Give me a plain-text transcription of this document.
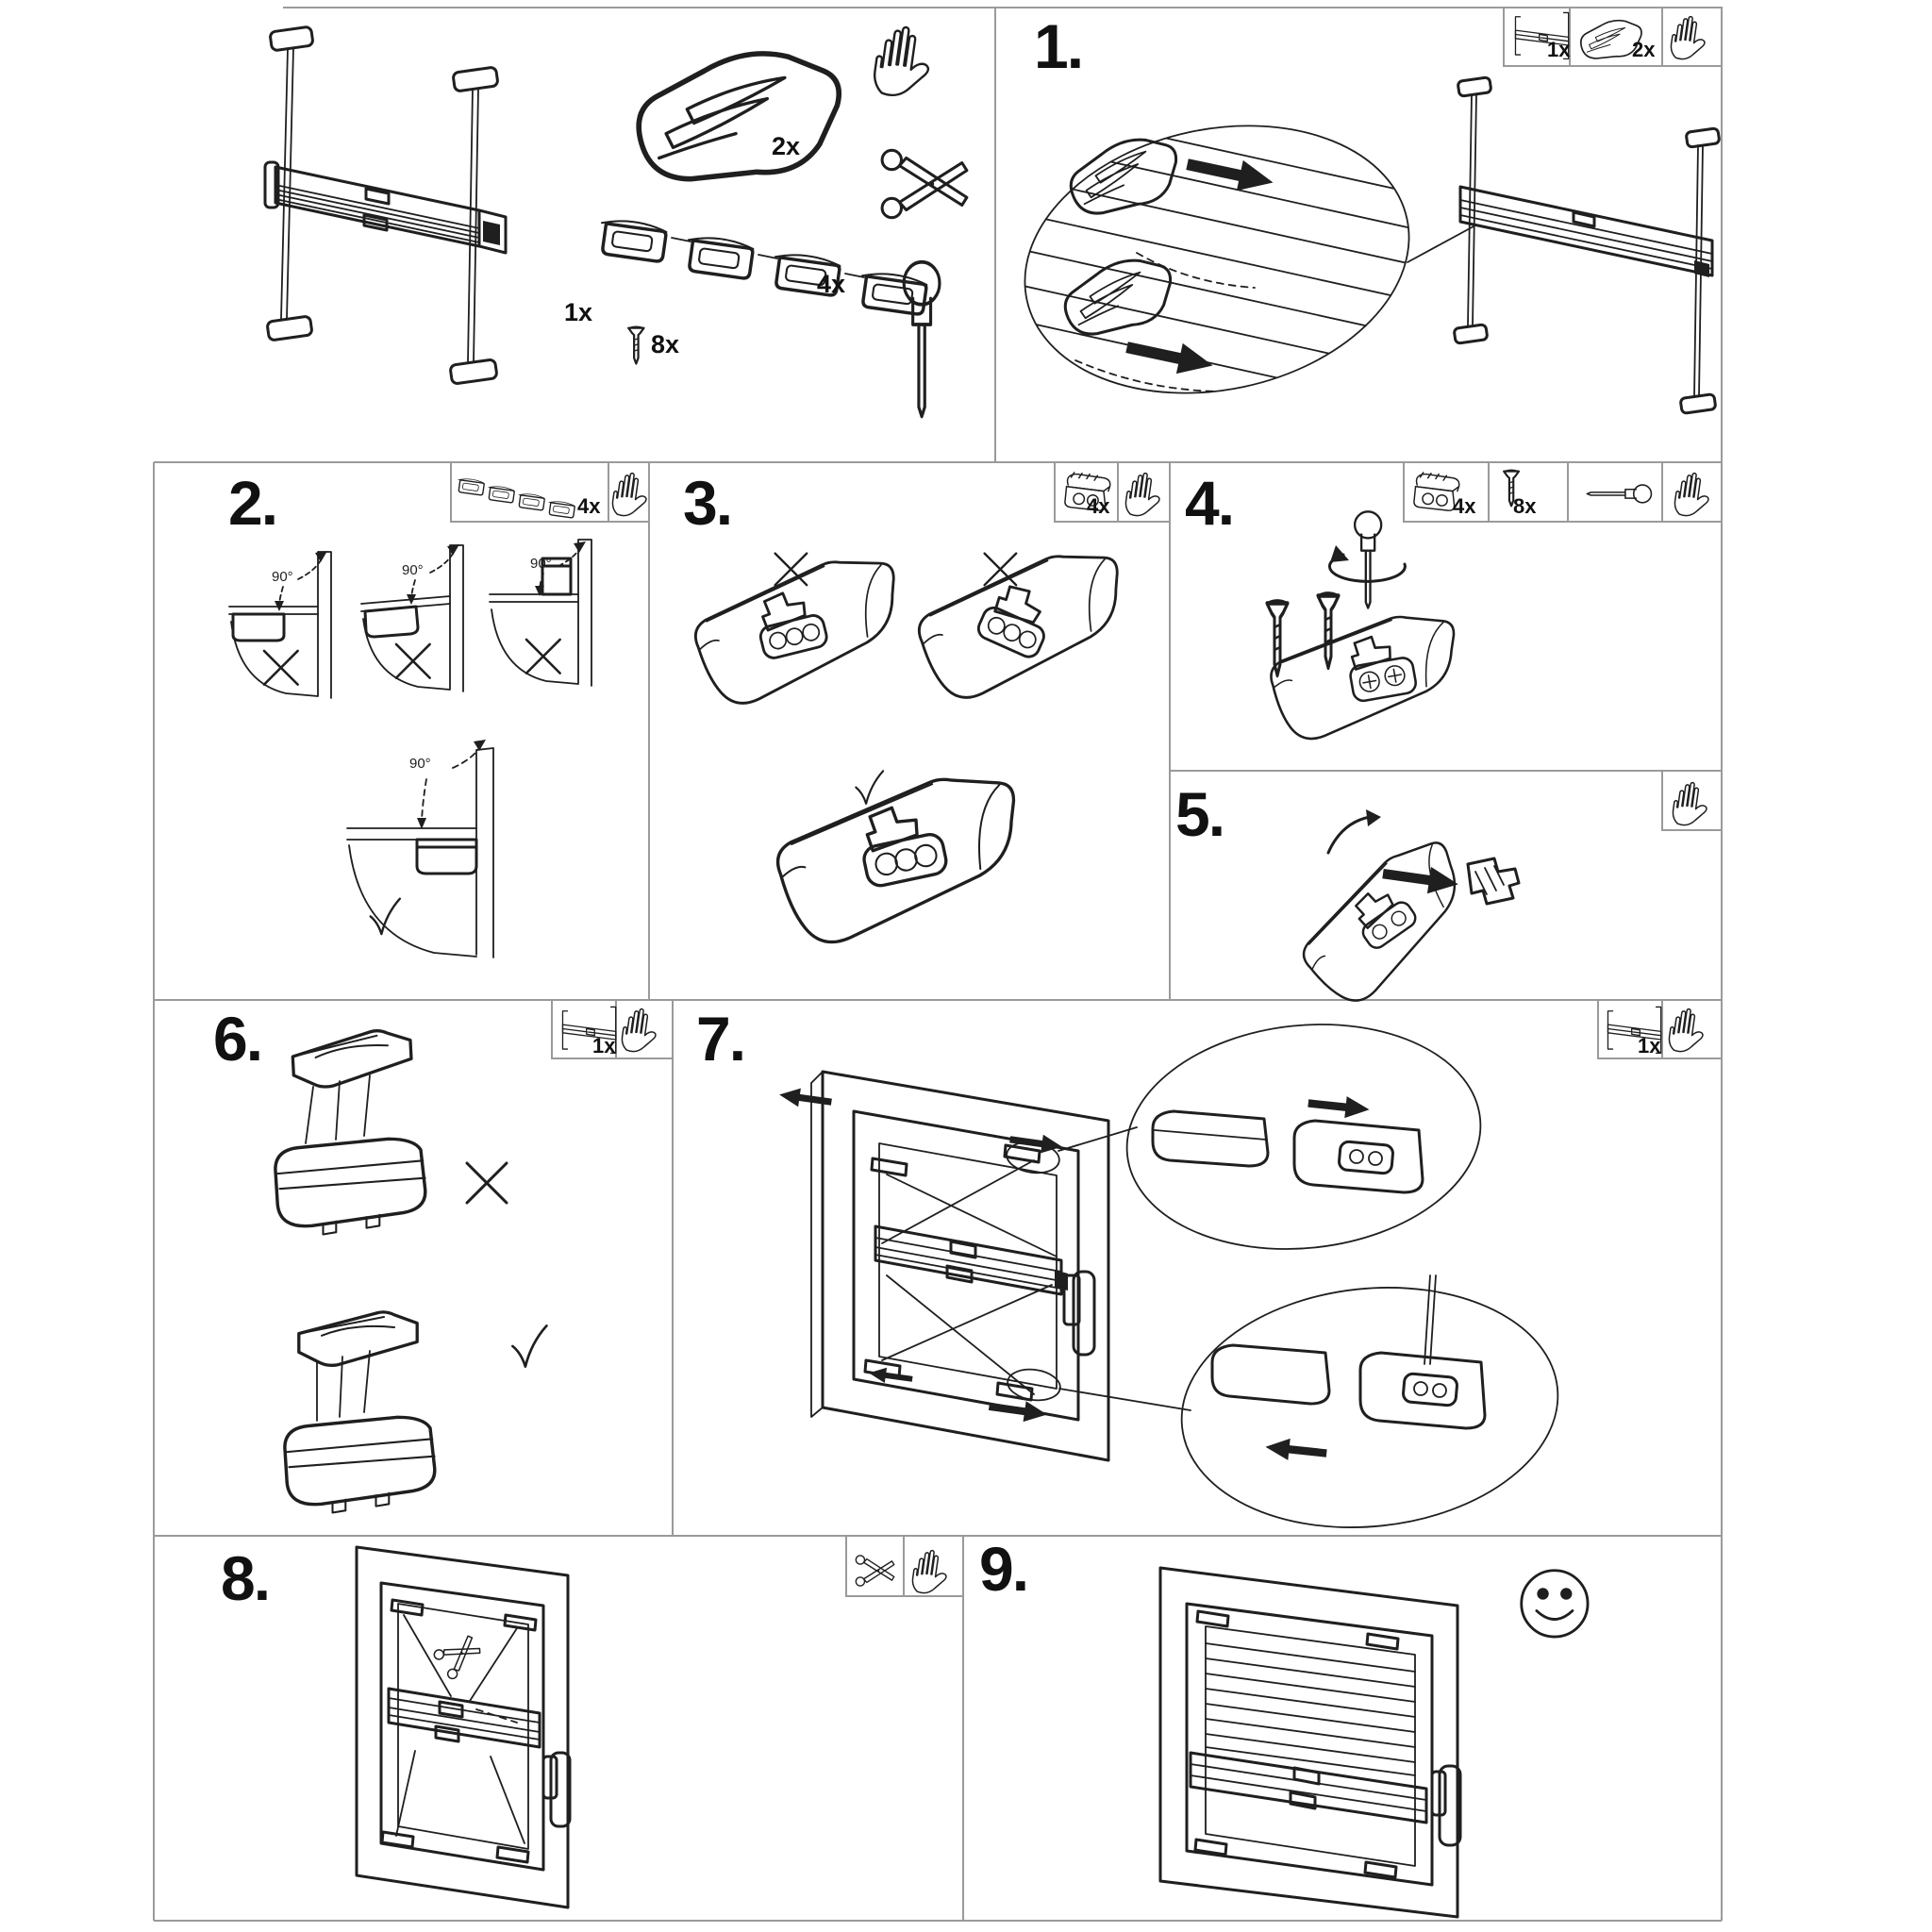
1x
8x
2x
4x
1.	1x	2x
2.	4x
90°	90°	90°
90°
3.	4x 4.	4x 8x
5.
6.	1x 7.	1x
8.	9.
